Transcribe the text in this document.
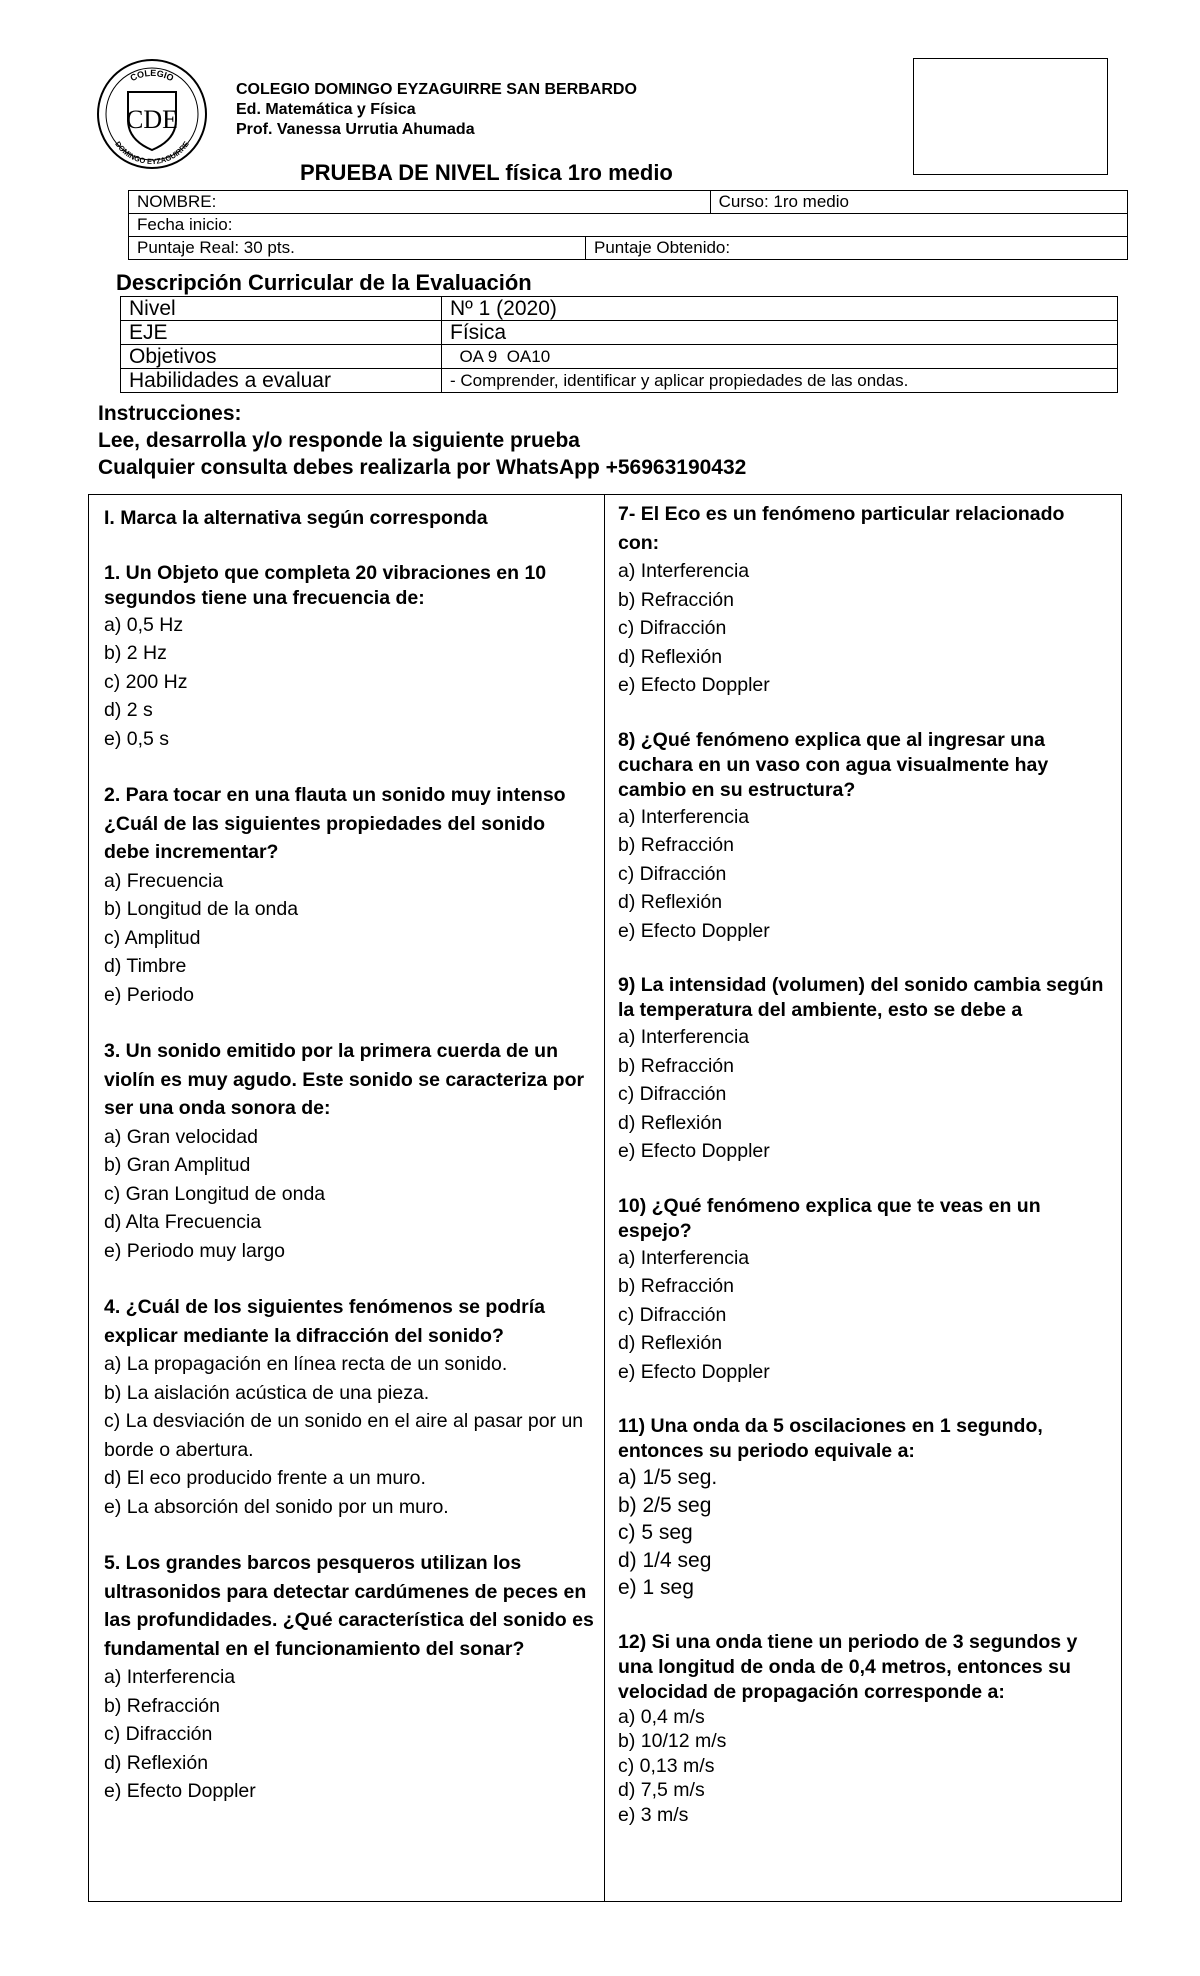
COLEGIO
DOMINGO EYZAGUIRRE
CDE
COLEGIO DOMINGO EYZAGUIRRE SAN BERBARDO
Ed. Matemática y Física
Prof. Vanessa Urrutia Ahumada
PRUEBA DE NIVEL física 1ro medio
NOMBRE:		Curso: 1ro medio
Fecha inicio:		
Puntaje Real: 30 pts.	Puntaje Obtenido:	
Descripción Curricular de la Evaluación
Nivel	Nº 1 (2020)
EJE	Física
Objetivos	OA 9  OA10
Habilidades a evaluar	- Comprender, identificar y aplicar propiedades de las ondas.
Instrucciones:
Lee, desarrolla y/o responde la siguiente prueba
Cualquier consulta debes realizarla por WhatsApp +56963190432
I. Marca la alternativa según corresponda
1. Un Objeto que completa 20 vibraciones en 10 segundos tiene una frecuencia de:
a) 0,5 Hz
b) 2 Hz
c) 200 Hz
d) 2 s
e) 0,5 s
2. Para tocar en una flauta un sonido muy intenso ¿Cuál de las siguientes propiedades del sonido debe incrementar?
a) Frecuencia
b) Longitud de la onda
c) Amplitud
d) Timbre
e) Periodo
3. Un sonido emitido por la primera cuerda de un violín es muy agudo. Este sonido se caracteriza por ser una onda sonora de:
a) Gran velocidad
b) Gran Amplitud
c) Gran Longitud de onda
d) Alta Frecuencia
e) Periodo muy largo
4. ¿Cuál de los siguientes fenómenos se podría explicar mediante la difracción del sonido?
a) La propagación en línea recta de un sonido.
b) La aislación acústica de una pieza.
c) La desviación de un sonido en el aire al pasar por un borde o abertura.
d) El eco producido frente a un muro.
e) La absorción del sonido por un muro.
5. Los grandes barcos pesqueros utilizan los ultrasonidos para detectar cardúmenes de peces en las profundidades. ¿Qué característica del sonido es fundamental en el funcionamiento del sonar?
a) Interferencia
b) Refracción
c) Difracción
d) Reflexión
e) Efecto Doppler
7- El Eco es un fenómeno particular relacionado con:
a) Interferencia
b) Refracción
c) Difracción
d) Reflexión
e) Efecto Doppler
8) ¿Qué fenómeno explica que al ingresar una cuchara en un vaso con agua visualmente hay cambio en su estructura?
a) Interferencia
b) Refracción
c) Difracción
d) Reflexión
e) Efecto Doppler
9) La intensidad (volumen) del sonido cambia según la temperatura del ambiente, esto se debe a
a) Interferencia
b) Refracción
c) Difracción
d) Reflexión
e) Efecto Doppler
10) ¿Qué fenómeno explica que te veas en un espejo?
a) Interferencia
b) Refracción
c) Difracción
d) Reflexión
e) Efecto Doppler
11) Una onda da 5 oscilaciones en 1 segundo, entonces su periodo equivale a:
a) 1/5 seg.
b) 2/5 seg
c) 5 seg
d) 1/4 seg
e) 1 seg
12) Si una onda tiene un periodo de 3 segundos y una longitud de onda de 0,4 metros, entonces su velocidad de propagación corresponde a:
a) 0,4 m/s
b) 10/12 m/s
c) 0,13 m/s
d) 7,5 m/s
e) 3 m/s
